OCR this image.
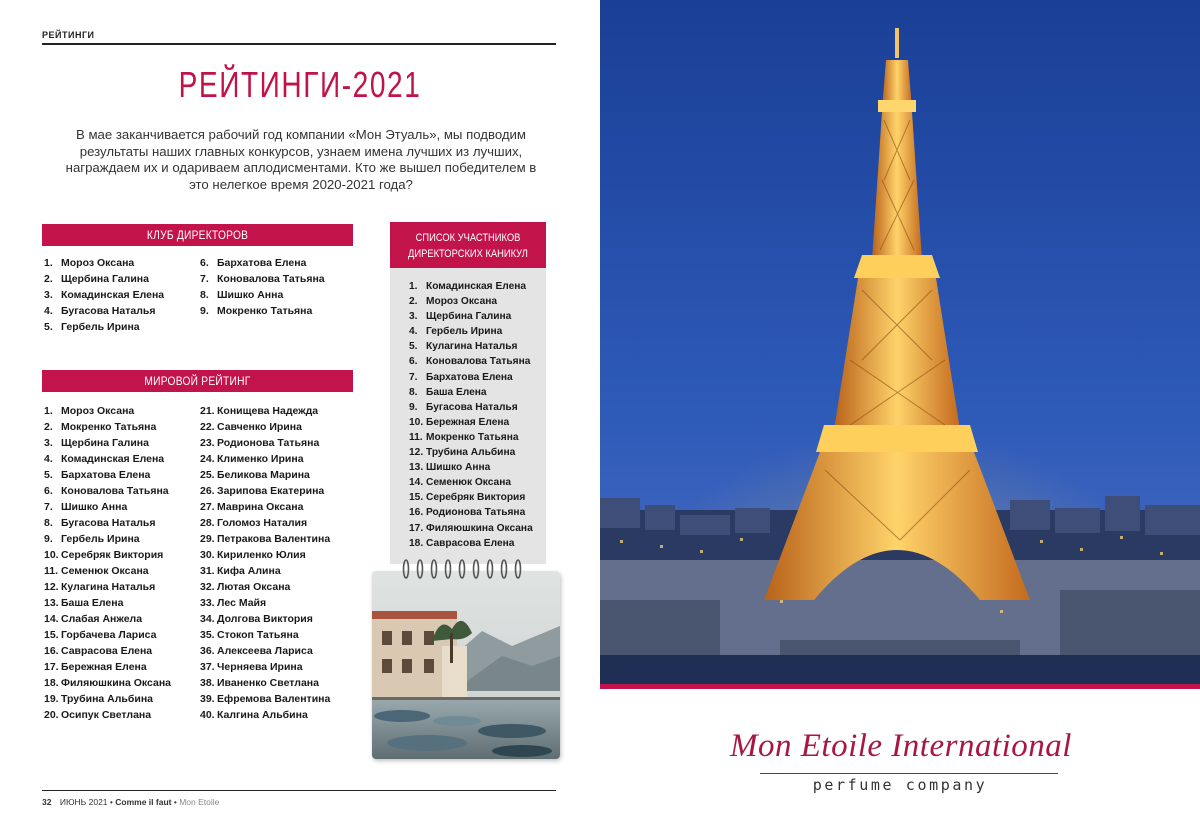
РЕЙТИНГИ
РЕЙТИНГИ-2021
В мае заканчивается рабочий год компании «Мон Этуаль», мы подводим результаты наших главных конкурсов, узнаем имена лучших из лучших, награждаем их и одариваем аплодисментами. Кто же вышел победителем в это нелегкое время 2020-2021 года?
КЛУБ ДИРЕКТОРОВ
1. Мороз Оксана
2. Щербина Галина
3. Комадинская Елена
4. Бугасова Наталья
5. Гербель Ирина
6. Бархатова Елена
7. Коновалова Татьяна
8. Шишко Анна
9. Мокренко Татьяна
МИРОВОЙ РЕЙТИНГ
1. Мороз Оксана
2. Мокренко Татьяна
3. Щербина Галина
4. Комадинская Елена
5. Бархатова Елена
6. Коновалова Татьяна
7. Шишко Анна
8. Бугасова Наталья
9. Гербель Ирина
10. Серебряк Виктория
11. Семенюк Оксана
12. Кулагина Наталья
13. Баша Елена
14. Слабая Анжела
15. Горбачева Лариса
16. Саврасова Елена
17. Бережная Елена
18. Филяюшкина Оксана
19. Трубина Альбина
20. Осипук Светлана
21. Конищева Надежда
22. Савченко Ирина
23. Родионова Татьяна
24. Клименко Ирина
25. Беликова Марина
26. Зарипова Екатерина
27. Маврина Оксана
28. Голомоз Наталия
29. Петракова Валентина
30. Кириленко Юлия
31. Кифа Алина
32. Лютая Оксана
33. Лес Майя
34. Долгова Виктория
35. Стокоп Татьяна
36. Алексеева Лариса
37. Черняева Ирина
38. Иваненко Светлана
39. Ефремова Валентина
40. Калгина Альбина
СПИСОК УЧАСТНИКОВ
ДИРЕКТОРСКИХ КАНИКУЛ
1. Комадинская Елена
2. Мороз Оксана
3. Щербина Галина
4. Гербель Ирина
5. Кулагина Наталья
6. Коновалова Татьяна
7. Бархатова Елена
8. Баша Елена
9. Бугасова Наталья
10. Бережная Елена
11. Мокренко Татьяна
12. Трубина Альбина
13. Шишко Анна
14. Семенюк Оксана
15. Серебряк Виктория
16. Родионова Татьяна
17. Филяюшкина Оксана
18. Саврасова Елена
32 ИЮНЬ 2021 • Comme il faut • Mon Etoile
Mon Etoile International
perfume company
